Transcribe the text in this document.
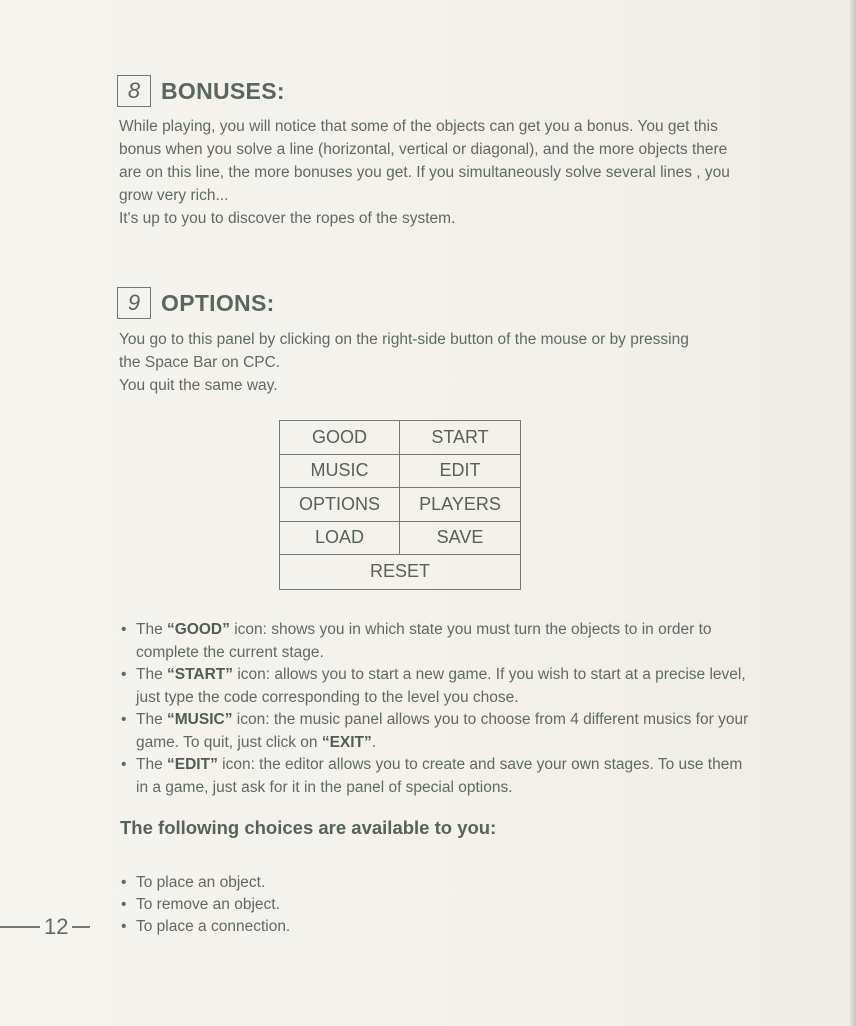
8 BONUSES:

While playing, you will notice that some of the objects can get you a bonus. You get this bonus when you solve a line (horizontal, vertical or diagonal), and the more objects there are on this line, the more bonuses you get. If you simultaneously solve several lines , you grow very rich...

It's up to you to discover the ropes of the system.

9 OPTIONS:

You go to this panel by clicking on the right-side button of the mouse or by pressing the Space Bar on CPC.

You quit the same way.

GOOD	START
MUSIC	EDIT
OPTIONS	PLAYERS
LOAD	SAVE
RESET
• The “GOOD” icon: shows you in which state you must turn the objects to in order to complete the current stage.
• The “START” icon: allows you to start a new game. If you wish to start at a precise level, just type the code corresponding to the level you chose.
• The “MUSIC” icon: the music panel allows you to choose from 4 different musics for your game. To quit, just click on “EXIT”.
• The “EDIT” icon: the editor allows you to create and save your own stages. To use them in a game, just ask for it in the panel of special options.
The following choices are available to you:
• To place an object.
• To remove an object.
• To place a connection.
12
